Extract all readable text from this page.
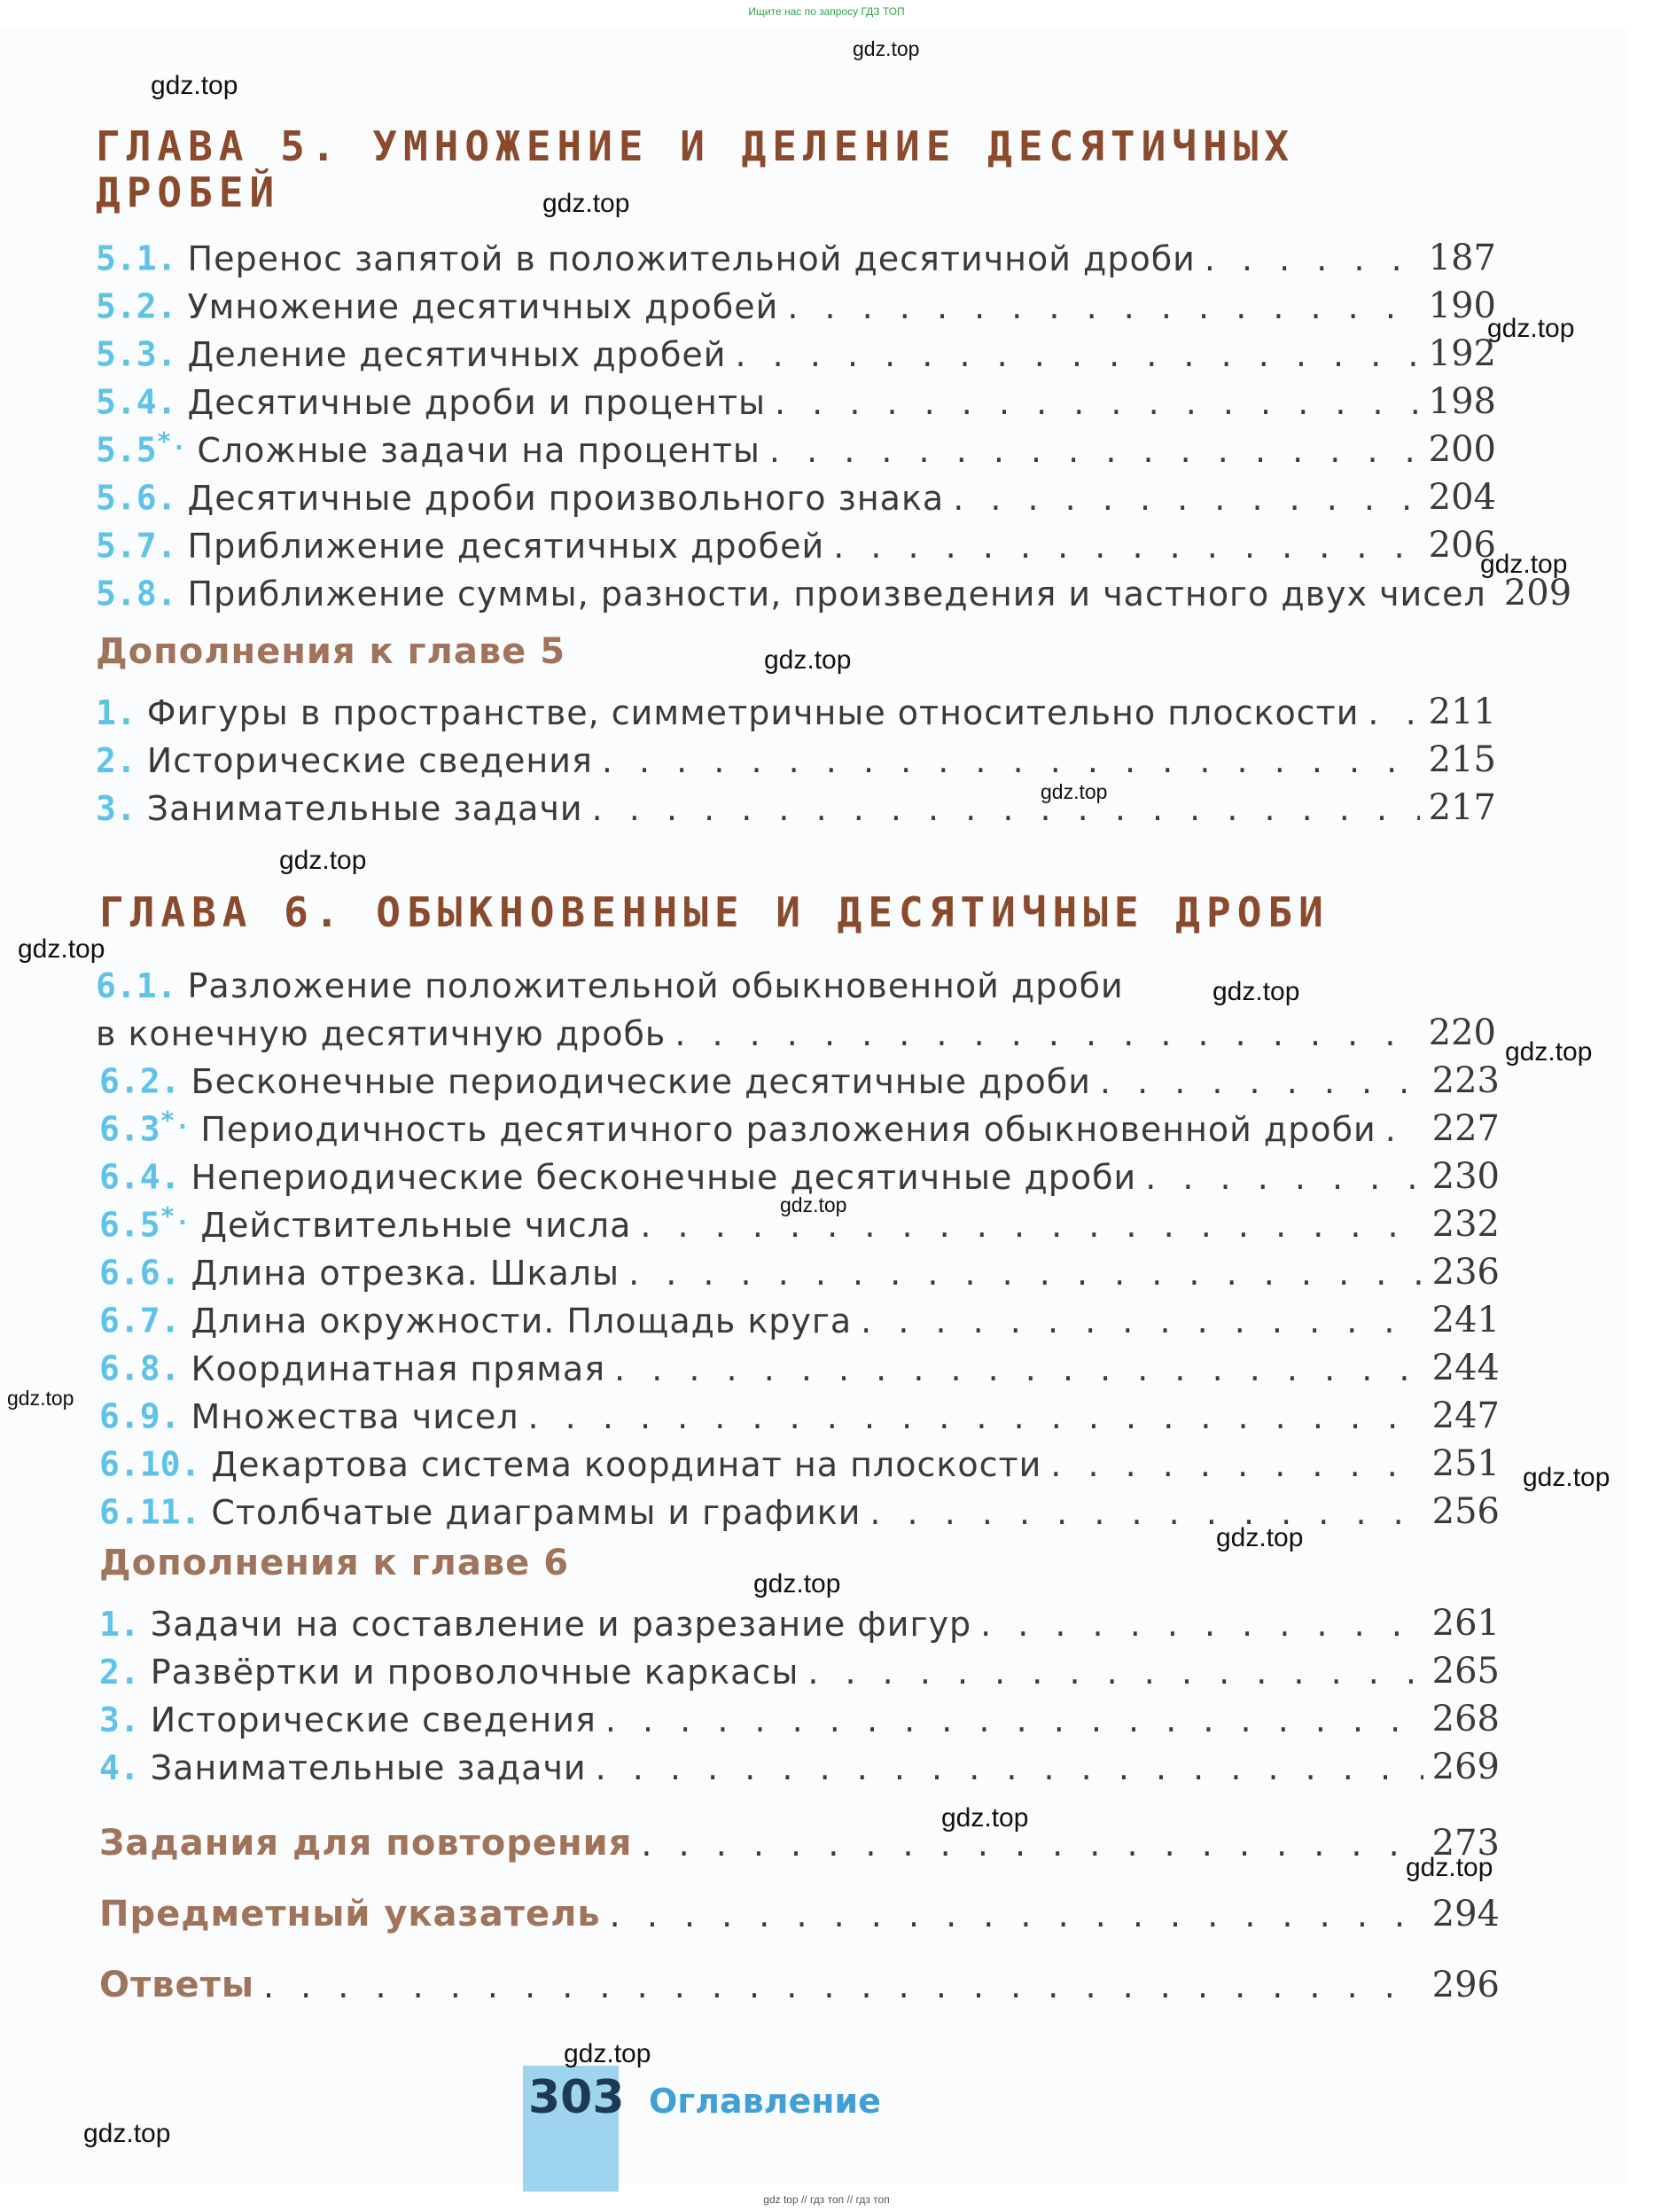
Ищите нас по запросу ГДЗ ТОП
ГЛАВА 5. УМНОЖЕНИЕ И ДЕЛЕНИЕ ДЕСЯТИЧНЫХ
ДРОБЕЙ
5.1. Перенос запятой в положительной десятичной дроби . . .	187
5.2. Умножение десятичных дробей . . .	190
5.3. Деление десятичных дробей . . .	192
5.4. Десятичные дроби и проценты . . .	198
5.5*. Сложные задачи на проценты . . .	200
5.6. Десятичные дроби произвольного знака . . .	204
5.7. Приближение десятичных дробей . . .	206
5.8. Приближение суммы, разности, произведения и частного двух чисел 209
Дополнения к главе 5
1. Фигуры в пространстве, симметричные относительно плоскости . . . 211
2. Исторические сведения . . .	215
3. Занимательные задачи . . .	217
ГЛАВА 6. ОБЫКНОВЕННЫЕ И ДЕСЯТИЧНЫЕ ДРОБИ
6.1. Разложение положительной обыкновенной дроби
в конечную десятичную дробь . . .	220
6.2. Бесконечные периодические десятичные дроби . . .	223
6.3*. Периодичность десятичного разложения обыкновенной дроби . . . 227
6.4. Непериодические бесконечные десятичные дроби . . .	230
6.5*. Действительные числа . . .	232
6.6. Длина отрезка. Шкалы . . .	236
6.7. Длина окружности. Площадь круга . . .	241
6.8. Координатная прямая . . .	244
6.9. Множества чисел . . .	247
6.10. Декартова система координат на плоскости . . .	251
6.11. Столбчатые диаграммы и графики . . .	256
Дополнения к главе 6
1. Задачи на составление и разрезание фигур . . .	261
2. Развёртки и проволочные каркасы . . .	265
3. Исторические сведения . . .	268
4. Занимательные задачи . . .	269
Задания для повторения . . .	273
Предметный указатель . . .	294
Ответы . . .	296
303 Оглавление
gdz top // гдз топ // гдз топ
gdz.top
gdz.top
gdz.top
gdz.top
gdz.top
gdz.top
gdz.top
gdz.top
gdz.top
gdz.top
gdz.top
gdz.top
gdz.top
gdz.top
gdz.top
gdz.top
gdz.top
gdz.top
gdz.top
gdz.top
